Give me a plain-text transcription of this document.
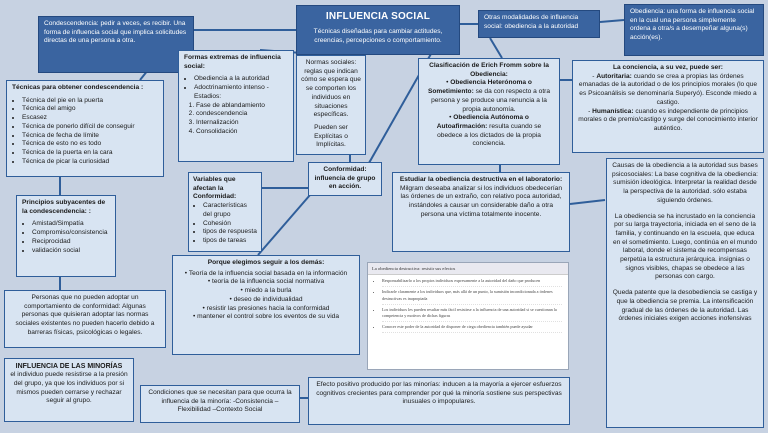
INFLUENCIA SOCIAL
Técnicas diseñadas para cambiar actitudes, creencias, percepciones o comportamiento.
Condescendencia: pedir a veces, es recibir. Una forma de influencia social que implica solicitudes directas de una persona a otra.
Técnicas para obtener condescendencia :
• Técnica del pie en la puerta
• Técnica del amigo
• Escasez
• Técnica de ponerlo difícil de conseguir
• Técnica de fecha de límite
• Técnica de esto no es todo
• Técnica de la puerta en la cara
• Técnica de picar la curiosidad
Principios subyacentes de la condescendencia: :
• Amistad/Simpatía
• Compromiso/consistencia
• Reciprocidad
• validación social
Personas que no pueden adoptar un comportamiento de conformidad: Algunas personas que quisieran adoptar las normas sociales existentes no pueden hacerlo debido a barreras físicas, psicológicas o legales.
INFLUENCIA DE LAS MINORÍAS
el individuo puede resistirse a la presión del grupo, ya que los individuos por si mismos pueden cerrarse y rechazar seguir al grupo.
Formas extremas de influencia social:
• Obediencia a la autoridad
• Adoctrinamiento intenso - Estadios:
1. Fase de ablandamiento
2. condescendencia
3. Internalización
4. Consolidación
Normas sociales: reglas que indican cómo se espera que se comporten los individuos en situaciones específicas.
Pueden ser Explícitas o Implícitas.
Variables que afectan la Conformidad:
• Características del grupo
• Cohesión
• tipos de respuesta
• tipos de tareas
Conformidad: influencia de grupo en acción.
Porque elegimos seguir a los demás:
• Teoría de la influencia social basada en la información
• teoría de la influencia social normativa
• miedo a la burla
• deseo de individualidad
• resistir las presiones hacia la conformidad
• mantener el control sobre los eventos de su vida
Condiciones que se necesitan para que ocurra la influencia de la minoría: -Consistencia –Flexibilidad –Contexto Social
Efecto positivo producido por las minorías: inducen a la mayoría a ejercer esfuerzos cognitivos crecientes para comprender por qué la minoría sostiene sus perspectivas inusuales o impopulares.
Otras modalidades de influencia social: obediencia a la autoridad
Obediencia: una forma de influencia social en la cual una persona simplemente ordena a otra/s a desempeñar alguna(s) acción(es).
Clasificación de Erich Fromm sobre la Obediencia:
• Obediencia Heterónoma o Sometimiento: se da con respecto a otra persona y se produce una renuncia a la propia autonomía.
• Obediencia Autónoma o Autoafirmación: resulta cuando se obedece a los dictados de la propia conciencia.
La conciencia, a su vez, puede ser:
- Autoritaria: cuando se crea a propias las órdenes emanadas de la autoridad o de los principios morales (lo que es Psicoanálisis se denominaría Superyó). Esconde miedo a castigo.
- Humanística: cuando es independiente de principios morales o de premio/castigo y surge del conocimiento interior auténtico.
Estudiar la obediencia destructiva en el laboratorio:
Milgram deseaba analizar si los individuos obedecerían las órdenes de un extraño, con relativo poca autoridad, instándoles a causar un considerable daño a otra persona una víctima totalmente inocente.
La obediencia destructiva: resistir sus efectos
• Responsabilizarlo a los propios individuos expresamente a la autoridad del daño que producen
• Indicarle claramente a los individuos que, más allá de un punto, la sumisión incondicionada a órdenes destructivas es inapropiada
• Los individuos les pueden resultar más fácil resistirse a la influencia de una autoridad si se cuestionan la competencia y motivos de dichas figuras
• Conocer este poder de la autoridad de disponer de ciega obediencia también puede ayudar
Causas de la obediencia a la autoridad sus bases psicosociales: La base cognitiva de la obediencia: sumisión ideológica. Interpretar la realidad desde la perspectiva de la autoridad. sólo estaba siguiendo órdenes.
La obediencia se ha incrustado en la conciencia por su larga trayectoria, iniciada en el seno de la familia, y continuando en la escuela, que educa en el sometimiento. Luego, continúa en el mundo laboral, donde el sistema de recompensas perpetúa la estructura jerárquica. insignias o signos visibles, chapas se obedece a las personas con cargo.
Queda patente que la desobediencia se castiga y que la obediencia se premia. La intensificación gradual de las órdenes de la autoridad. Las órdenes iniciales exigen acciones inofensivas
